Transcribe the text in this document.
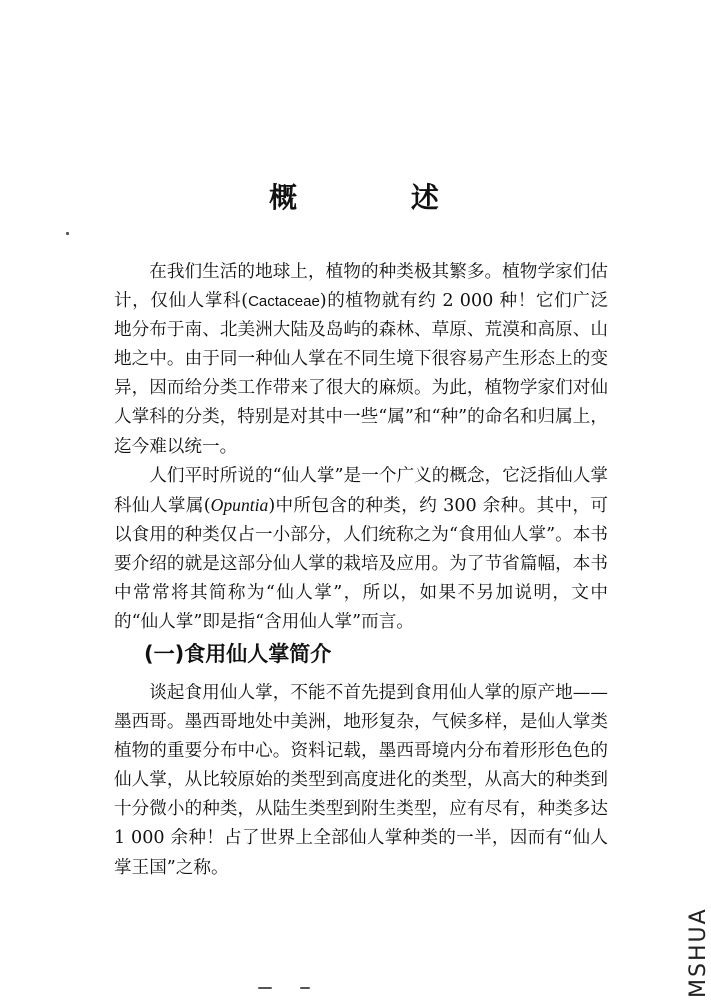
概 述

在我们生活的地球上，植物的种类极其繁多。植物学家们估计，仅仙人掌科(Cactaceae)的植物就有约 2 000 种！它们广泛地分布于南、北美洲大陆及岛屿的森林、草原、荒漠和高原、山地之中。由于同一种仙人掌在不同生境下很容易产生形态上的变异，因而给分类工作带来了很大的麻烦。为此，植物学家们对仙人掌科的分类，特别是对其中一些“属”和“种”的命名和归属上，迄今难以统一。

人们平时所说的“仙人掌”是一个广义的概念，它泛指仙人掌科仙人掌属(Opuntia)中所包含的种类，约 300 余种。其中，可以食用的种类仅占一小部分，人们统称之为“食用仙人掌”。本书要介绍的就是这部分仙人掌的栽培及应用。为了节省篇幅，本书中常常将其简称为“仙人掌”，所以，如果不另加说明，文中的“仙人掌”即是指“含用仙人掌”而言。

(一)食用仙人掌简介

谈起食用仙人掌，不能不首先提到食用仙人掌的原产地——墨西哥。墨西哥地处中美洲，地形复杂，气候多样，是仙人掌类植物的重要分布中心。资料记载，墨西哥境内分布着形形色色的仙人掌，从比较原始的类型到高度进化的类型，从高大的种类到十分微小的种类，从陆生类型到附生类型，应有尽有，种类多达 1 000 余种！占了世界上全部仙人掌种类的一半，因而有“仙人掌王国”之称。

MSHUA
